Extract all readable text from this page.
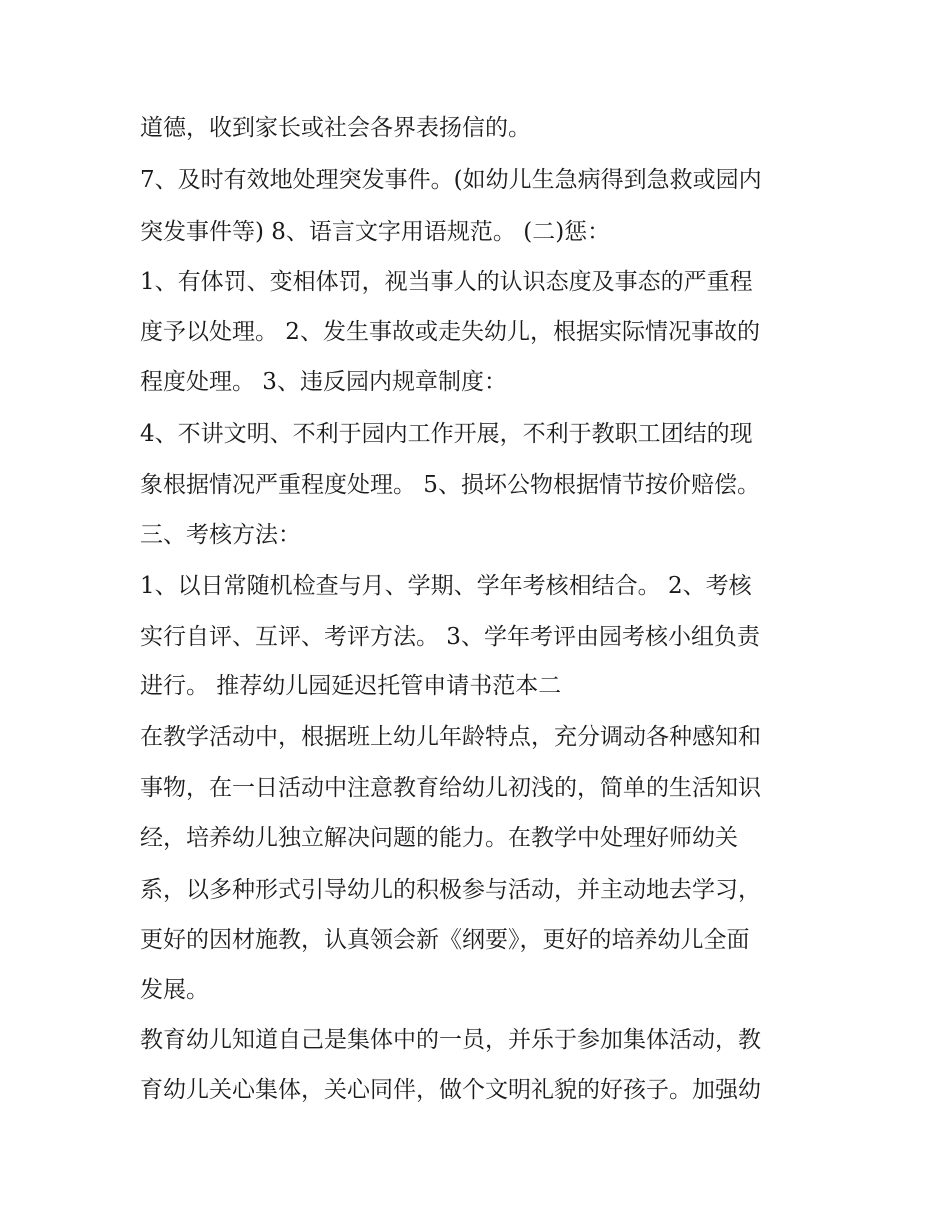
道德，收到家长或社会各界表扬信的。
7、及时有效地处理突发事件。(如幼儿生急病得到急救或园内
突发事件等) 8、语言文字用语规范。 (二)惩：
1、有体罚、变相体罚，视当事人的认识态度及事态的严重程
度予以处理。 2、发生事故或走失幼儿，根据实际情况事故的
程度处理。 3、违反园内规章制度：
4、不讲文明、不利于园内工作开展，不利于教职工团结的现
象根据情况严重程度处理。 5、损坏公物根据情节按价赔偿。
三、考核方法：
1、以日常随机检查与月、学期、学年考核相结合。 2、考核
实行自评、互评、考评方法。 3、学年考评由园考核小组负责
进行。 推荐幼儿园延迟托管申请书范本二
在教学活动中，根据班上幼儿年龄特点，充分调动各种感知和
事物，在一日活动中注意教育给幼儿初浅的，简单的生活知识
经，培养幼儿独立解决问题的能力。在教学中处理好师幼关
系，以多种形式引导幼儿的积极参与活动，并主动地去学习，
更好的因材施教，认真领会新《纲要》，更好的培养幼儿全面
发展。
教育幼儿知道自己是集体中的一员，并乐于参加集体活动，教
育幼儿关心集体，关心同伴，做个文明礼貌的好孩子。加强幼
